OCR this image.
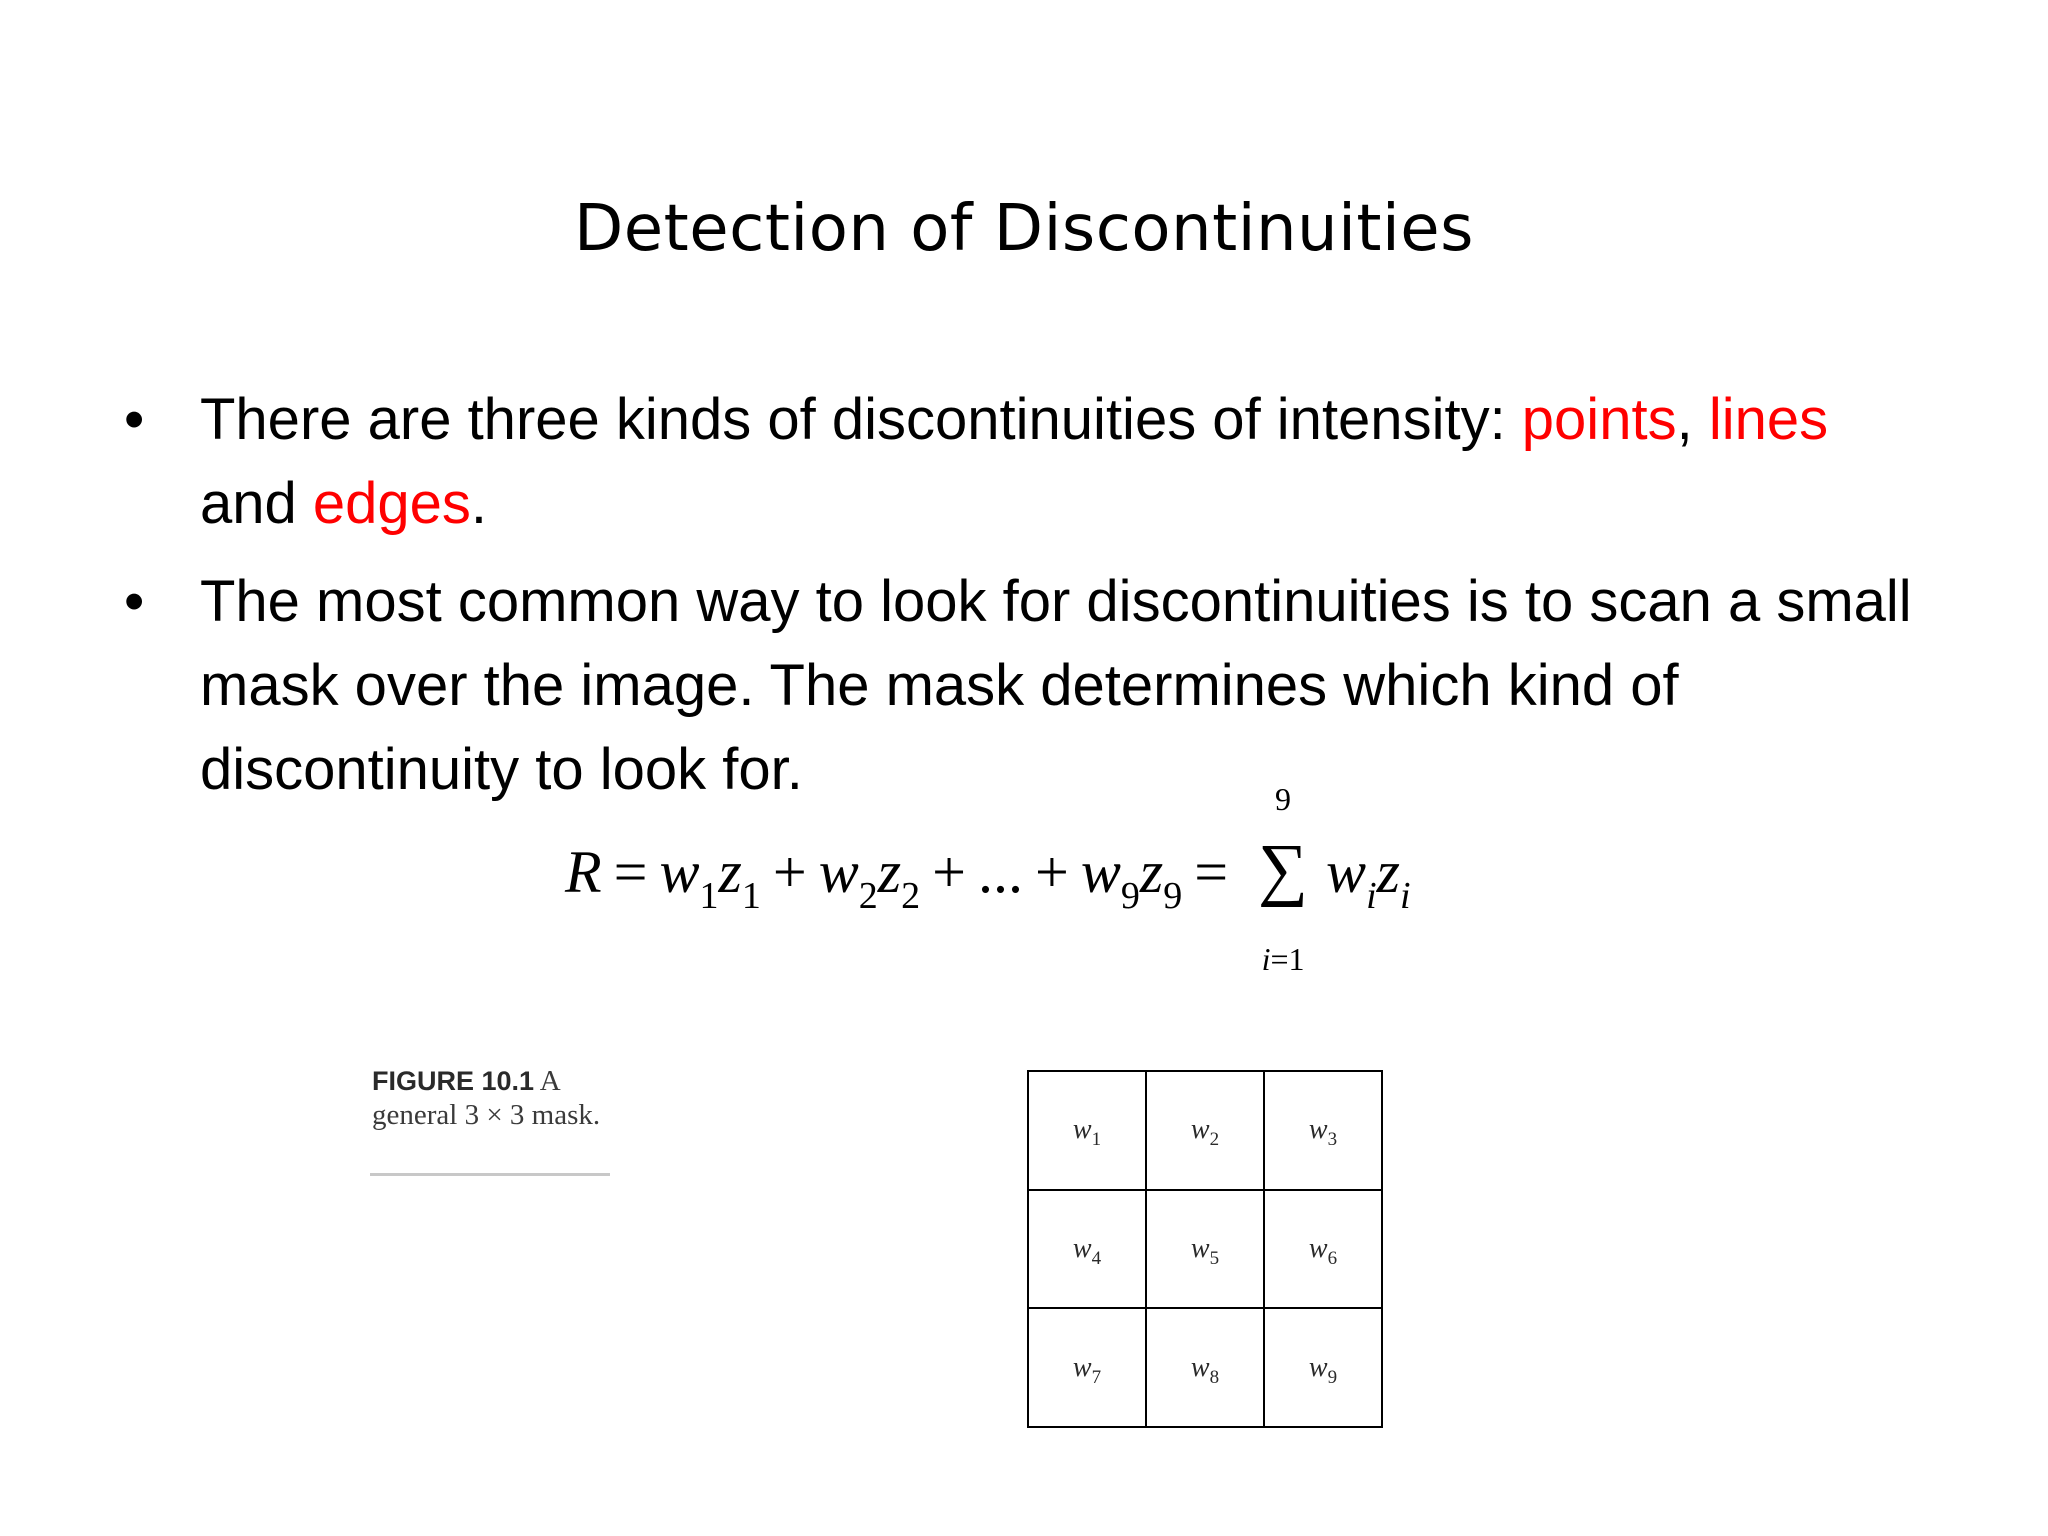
Detection of Discontinuities
• There are three kinds of discontinuities of intensity: points, lines and edges.
• The most common way to look for discontinuities is to scan a small mask over the image. The mask determines which kind of discontinuity to look for.
$R = w_1z_1 + w_2z_2$ + ... + $w_9z_9$ =
9
∑
i=1
$w_iz_i$
FIGURE 10.1 A general 3 × 3 mask.	$w_1$	$w_2$	$w_3$
$w_4$	$w_5$	$w_6$
$w_7$	$w_8$	$w_9$
